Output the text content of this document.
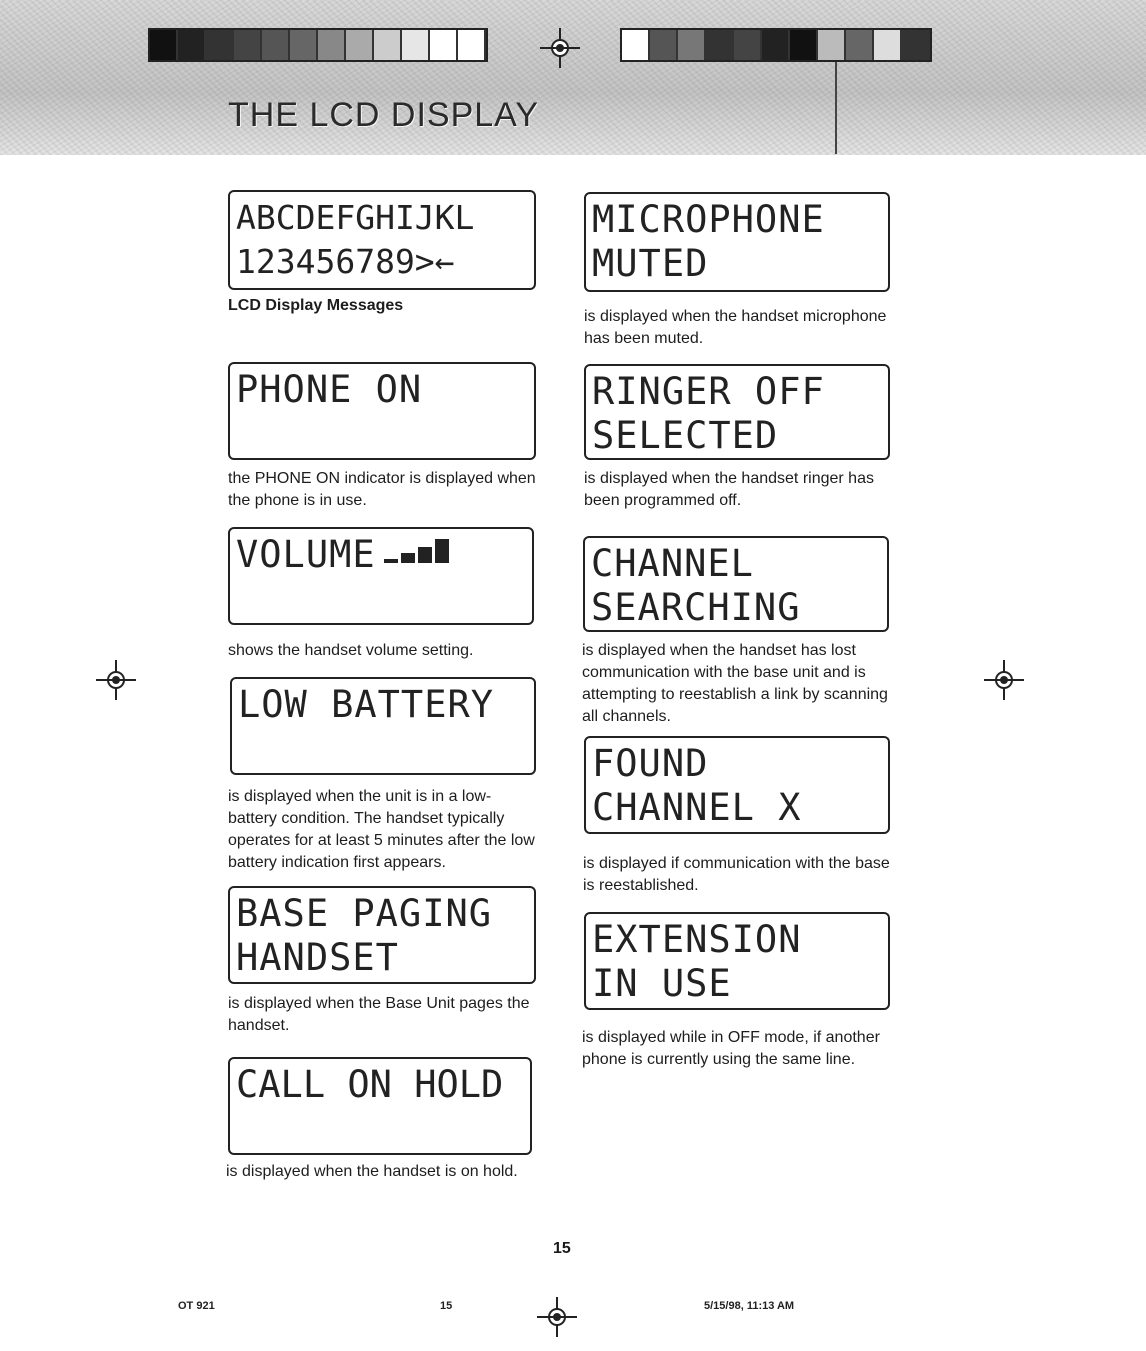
THE LCD DISPLAY
ABCDEFGHIJKL
123456789>←
LCD Display Messages
PHONE ON
the PHONE ON indicator is displayed when the phone is in use.
VOLUME
shows the handset volume setting.
LOW BATTERY
is displayed when the unit is in a low-battery condition. The handset typically operates for at least 5 minutes after the low battery indication first appears.
BASE PAGING
HANDSET
is displayed when the Base Unit pages the handset.
CALL ON HOLD
is displayed when the handset is on hold.
MICROPHONE
MUTED
is displayed when the handset microphone has been muted.
RINGER OFF
SELECTED
is displayed when the handset ringer has been programmed off.
CHANNEL
SEARCHING
is displayed when the handset has lost communication with the base unit and is attempting to reestablish a link by scanning all channels.
FOUND
CHANNEL X
is displayed if communication with the base is reestablished.
EXTENSION
IN USE
is displayed while in OFF mode, if another phone is currently using the same line.
15
OT 921	15	5/15/98, 11:13 AM
